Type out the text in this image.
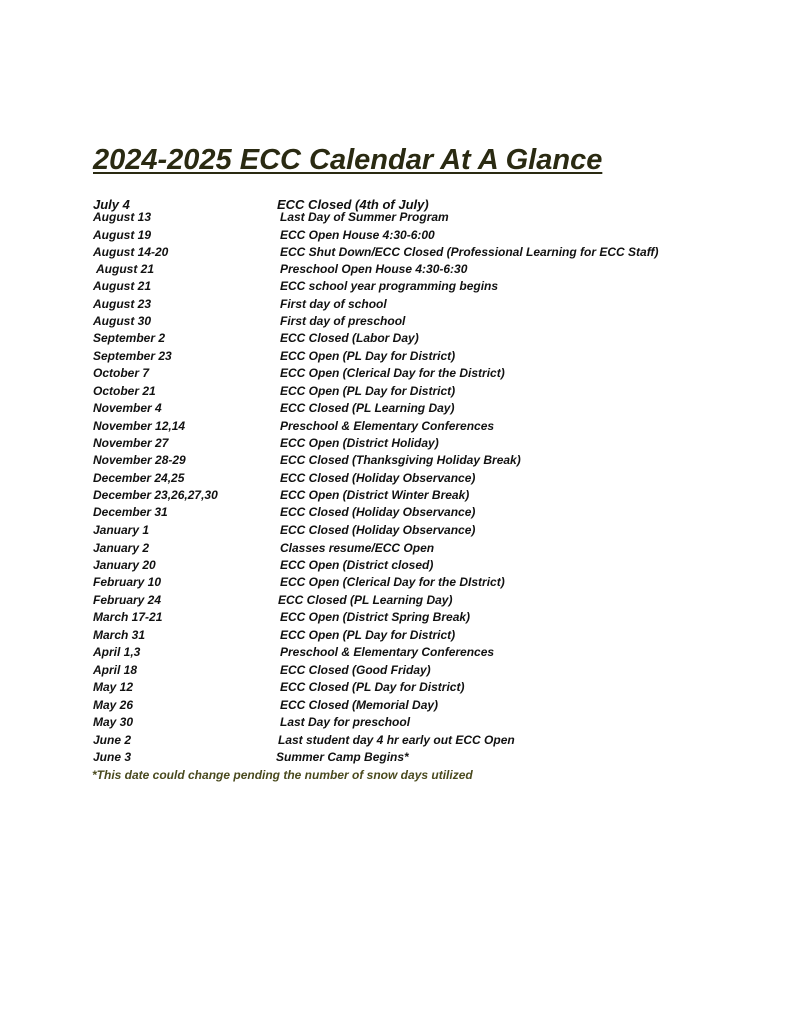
2024-2025 ECC Calendar At A Glance
July 4	ECC Closed (4th of July)
August 13	Last Day of Summer Program
August 19	ECC Open House 4:30-6:00
August 14-20	ECC Shut Down/ECC Closed (Professional Learning for ECC Staff)
August 21	Preschool Open House 4:30-6:30
August 21	ECC school year programming begins
August 23	First day of school
August 30	First day of preschool
September 2	ECC Closed (Labor Day)
September 23	ECC Open (PL Day for District)
October 7	ECC Open (Clerical Day for the District)
October 21	ECC Open (PL Day for District)
November 4	ECC Closed (PL Learning Day)
November 12,14	Preschool & Elementary Conferences
November 27	ECC Open (District Holiday)
November 28-29	ECC Closed (Thanksgiving Holiday Break)
December 24,25	ECC Closed (Holiday Observance)
December 23,26,27,30	ECC Open (District Winter Break)
December 31	ECC Closed (Holiday Observance)
January 1	ECC Closed (Holiday Observance)
January 2	Classes resume/ECC Open
January 20	ECC Open (District closed)
February 10	ECC Open (Clerical Day for the DIstrict)
February 24	ECC Closed (PL Learning Day)
March 17-21	ECC Open (District Spring Break)
March 31	ECC Open (PL Day for District)
April 1,3	Preschool & Elementary Conferences
April 18	ECC Closed (Good Friday)
May 12	ECC Closed (PL Day for District)
May 26	ECC Closed (Memorial Day)
May 30	Last Day for preschool
June 2	Last student day 4 hr early out ECC Open
June 3	Summer Camp Begins*
*This date could change pending the number of snow days utilized
